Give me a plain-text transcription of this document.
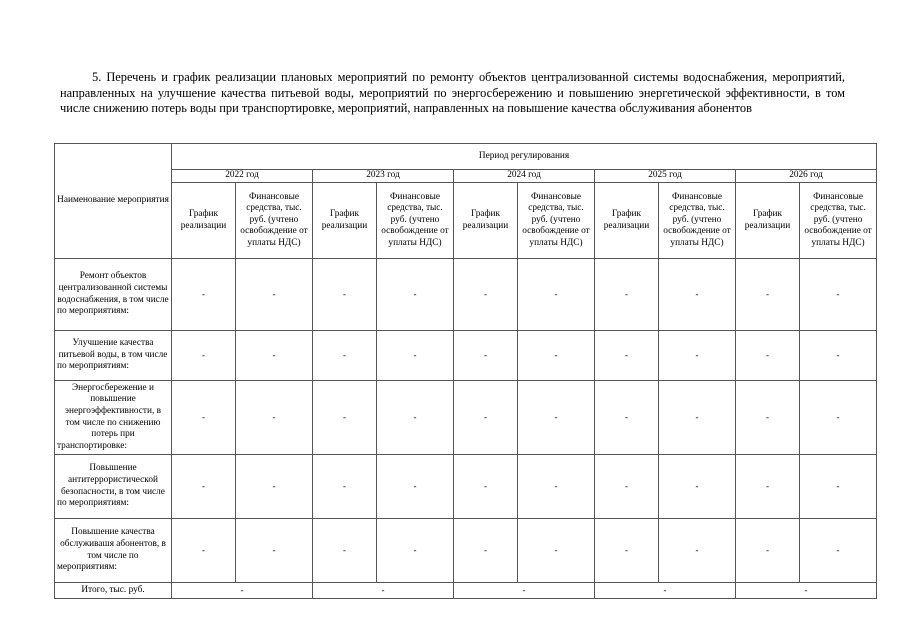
5. Перечень и график реализации плановых мероприятий по ремонту объектов централизованной системы водоснабжения, мероприятий, направленных на улучшение качества питьевой воды, мероприятий по энергосбережению и повышению энергетической эффективности, в том числе снижению потерь воды при транспортировке, мероприятий, направленных на повышение качества обслуживания абонентов
Наименование мероприятия	Период регулирования									
	2022 год		2023 год		2024 год		2025 год		2026 год	
	График реализации	Финансовые средства, тыс. руб. (учтено освобождение от уплаты НДС)	График реализации	Финансовые средства, тыс. руб. (учтено освобождение от уплаты НДС)	График реализации	Финансовые средства, тыс. руб. (учтено освобождение от уплаты НДС)	График реализации	Финансовые средства, тыс. руб. (учтено освобождение от уплаты НДС)	График реализации	Финансовые средства, тыс. руб. (учтено освобождение от уплаты НДС)
Ремонт объектов централизованной системы водоснабжения, в том числе по мероприятиям:	-	-	-	-	-	-	-	-	-	-
Улучшение качества питьевой воды, в том числе по мероприятиям:	-	-	-	-	-	-	-	-	-	-
Энергосбережение и повышение энергоэффективности, в том числе по снижению потерь при транспортировке:	-	-	-	-	-	-	-	-	-	-
Повышение антитеррористической безопасности, в том числе по мероприятиям:	-	-	-	-	-	-	-	-	-	-
Повышение качества обслуживашя абонентов, в том числе по мероприятиям:	-	-	-	-	-	-	-	-	-	-
Итого, тыс. руб.	-		-		-		-		-	
